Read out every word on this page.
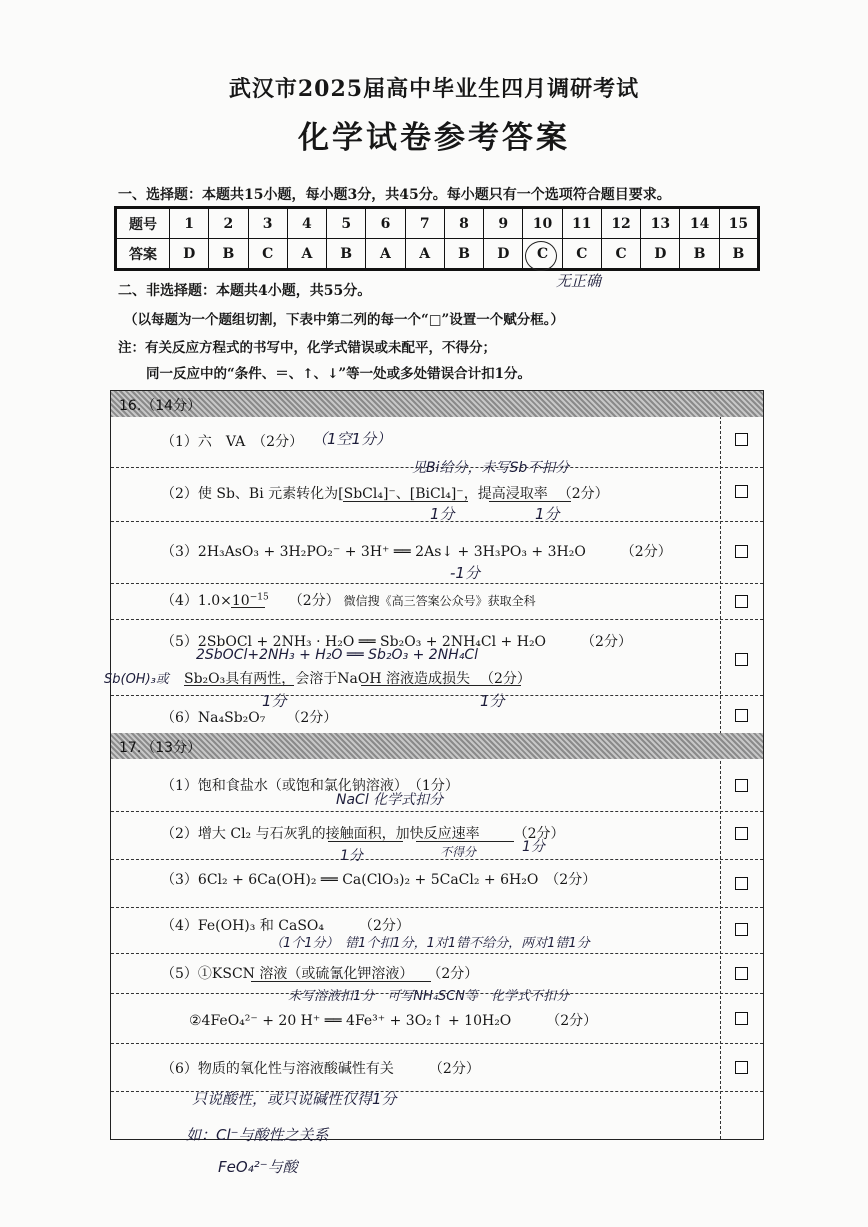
武汉市2025届高中毕业生四月调研考试
化学试卷参考答案
一、选择题：本题共15小题，每小题3分，共45分。每小题只有一个选项符合题目要求。
题号	1	2	3	4	5	6	7	8	9	10	11	12	13	14	15
答案	D	B	C	A	B	A	A	B	D	C	C	C	D	B	B
无正确
二、非选择题：本题共4小题，共55分。
（以每题为一个题组切割，下表中第二列的每一个“□”设置一个赋分框。）
注：有关反应方程式的书写中，化学式错误或未配平，不得分；
同一反应中的“条件、＝、↑、↓”等一处或多处错误合计扣1分。
16.（14分）
（1）六　VA　（2分）
（2）使 Sb、Bi 元素转化为[SbCl₄]⁻、[BiCl₄]⁻，提高浸取率 （2分）
（3）2H₃AsO₃ + 3H₂PO₂⁻ + 3H⁺ ══ 2As↓ + 3H₃PO₃ + 3H₂O　　　（2分）
$(4)1.0\times 10^{-15}$ （2分） 微信搜《高三答案公众号》获取全科
（5）2SbOCl + 2NH₃ · H₂O ══ Sb₂O₃ + 2NH₄Cl + H₂O　　　（2分）
Sb₂O₃具有两性，会溶于NaOH 溶液造成损失 （2分）
（6）Na₄Sb₂O₇　　（2分）
17.（13分）
（1）饱和食盐水（或饱和氯化钠溶液）　（1分）
（2）增大 Cl₂ 与石灰乳的接触面积，加快反应速率 （2分）
（3）6Cl₂ + 6Ca(OH)₂ ══ Ca(ClO₃)₂ + 5CaCl₂ + 6H₂O　（2分）
（4）Fe(OH)₃ 和 CaSO₄　　　（2分）
（5）①KSCN 溶液（或硫氰化钾溶液）　　（2分）
②4FeO₄²⁻ + 20 H⁺ ══ 4Fe³⁺ + 3O₂↑ + 10H₂O　　　（2分）
（6）物质的氧化性与溶液酸碱性有关　　　（2分）
（1空1分）
见Bi给分，未写Sb不扣分
1分	1分
-1分
2SbOCl+2NH₃ + H₂O ══ Sb₂O₃ + 2NH₄Cl
Sb(OH)₃或
1分	1分
NaCl 化学式扣分
1分	不得分	1分
（1个1分）　错1个扣1分，1对1错不给分，两对1错1分
未写溶液扣1分　可写NH₄SCN等　化学式不扣分
只说酸性，或只说碱性仅得1分
如：Cl⁻与酸性之关系
FeO₄²⁻与酸
